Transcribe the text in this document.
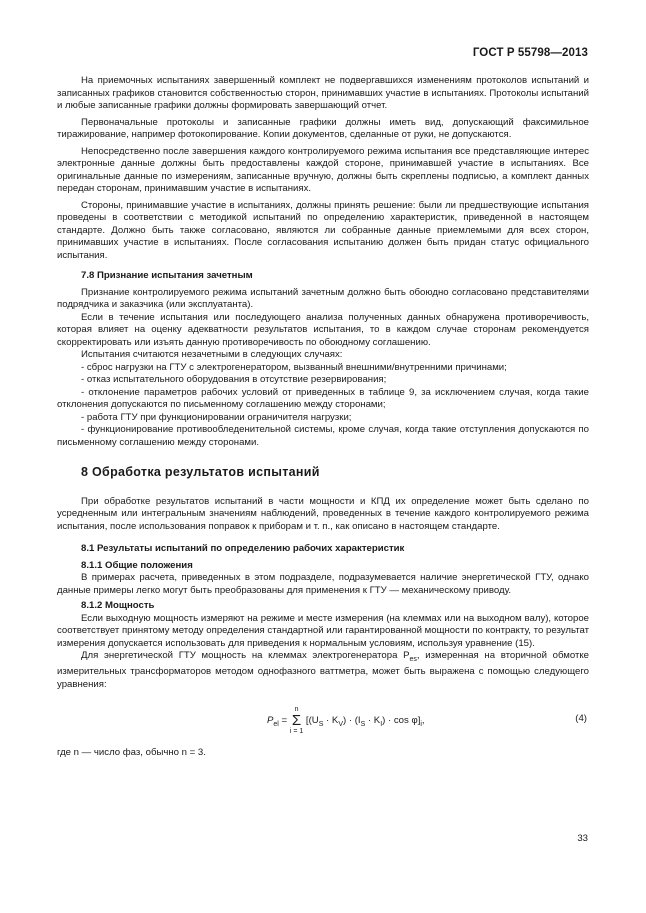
ГОСТ Р 55798—2013

На приемочных испытаниях завершенный комплект не подвергавшихся изменениям протоколов испытаний и записанных графиков становится собственностью сторон, принимавших участие в испытаниях. Протоколы испытаний и любые записанные графики должны формировать завершающий отчет.

Первоначальные протоколы и записанные графики должны иметь вид, допускающий факсимильное тиражирование, например фотокопирование. Копии документов, сделанные от руки, не допускаются.

Непосредственно после завершения каждого контролируемого режима испытания все представляющие интерес электронные данные должны быть предоставлены каждой стороне, принимавшей участие в испытаниях. Все оригинальные данные по измерениям, записанные вручную, должны быть скреплены подписью, а комплект данных передан сторонам, принимавшим участие в испытаниях.

Стороны, принимавшие участие в испытаниях, должны принять решение: были ли предшествующие испытания проведены в соответствии с методикой испытаний по определению характеристик, приведенной в настоящем стандарте. Должно быть также согласовано, являются ли собранные данные приемлемыми для всех сторон, принимавших участие в испытаниях. После согласования испытанию должен быть придан статус официального испытания.

7.8 Признание испытания зачетным

Признание контролируемого режима испытаний зачетным должно быть обоюдно согласовано представителями подрядчика и заказчика (или эксплуатанта).

Если в течение испытания или последующего анализа полученных данных обнаружена противоречивость, которая влияет на оценку адекватности результатов испытания, то в каждом случае сторонам рекомендуется скорректировать или изъять данную противоречивость по обоюдному соглашению.

Испытания считаются незачетными в следующих случаях:

- сброс нагрузки на ГТУ с электрогенератором, вызванный внешними/внутренними причинами;

- отказ испытательного оборудования в отсутствие резервирования;

- отклонение параметров рабочих условий от приведенных в таблице 9, за исключением случая, когда такие отклонения допускаются по письменному соглашению между сторонами;

- работа ГТУ при функционировании ограничителя нагрузки;

- функционирование противообледенительной системы, кроме случая, когда такие отступления допускаются по письменному соглашению между сторонами.

8 Обработка результатов испытаний

При обработке результатов испытаний в части мощности и КПД их определение может быть сделано по усредненным или интегральным значениям наблюдений, проведенных в течение каждого контролируемого режима испытания, после использования поправок к приборам и т. п., как описано в настоящем стандарте.

8.1 Результаты испытаний по определению рабочих характеристик
8.1.1 Общие положения

В примерах расчета, приведенных в этом подразделе, подразумевается наличие энергетической ГТУ, однако данные примеры легко могут быть преобразованы для применения к ГТУ — механическому приводу.

8.1.2 Мощность

Если выходную мощность измеряют на режиме и месте измерения (на клеммах или на выходном валу), которое соответствует принятому методу определения стандартной или гарантированной мощности по контракту, то результат измерения допускается использовать для приведения к нормальным условиям, используя уравнение (15).

Для энергетической ГТУ мощность на клеммах электрогенератора $P_{es}$, измеренная на вторичной обмотке измерительных трансформаторов методом однофазного ваттметра, может быть выражена с помощью следующего уравнения:

$P_{el}$ =
n
Σ
i = 1
$[(U_S \cdot K_V) \cdot (I_S \cdot K_I) \cdot \cos \varphi]_i$,	(4)

где n — число фаз, обычно n = 3.

33
